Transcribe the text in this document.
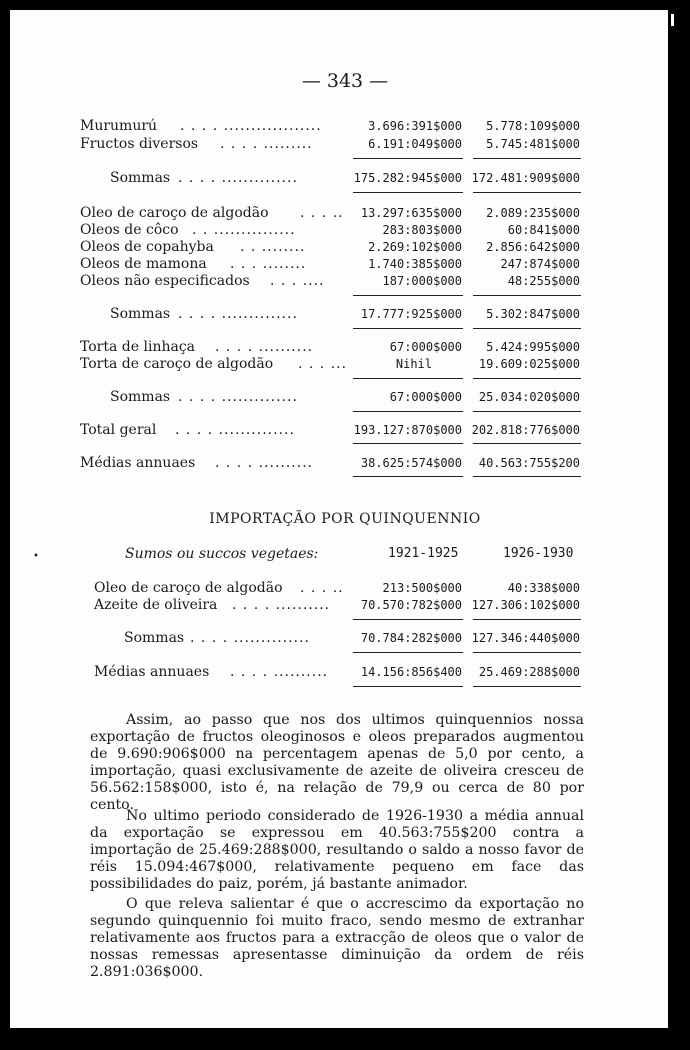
— 343 —
Murumurú . . . . ..................	3.696:391$000 5.778:109$000
Fructos diversos . . . . .........	6.191:049$000 5.745:481$000
Sommas . . . . ..............	175.282:945$000 172.481:909$000
Oleo de caroço de algodão . . . .. 13.297:635$000 2.089:235$000
Oleos de côco . . ...............	283:803$000	60:841$000
Oleos de copahyba . . ........	2.269:102$000 2.856:642$000
Oleos de mamona . . . ........	1.740:385$000	247:874$000
Oleos não especificados . . . ....	187:000$000	48:255$000
Sommas . . . . ..............	17.777:925$000 5.302:847$000
Torta de linhaça . . . . ..........	67:000$000 5.424:995$000
Torta de caroço de algodão . . . ...	Nihil	19.609:025$000
Sommas . . . . ..............	67:000$000 25.034:020$000
Total geral . . . . ..............	193.127:870$000 202.818:776$000
Médias annuaes . . . . ..........	38.625:574$000 40.563:755$200
IMPORTAÇÃO POR QUINQUENNIO
•	Sumos ou succos vegetaes:	1921-1925	1926-1930
Oleo de caroço de algodão . . . ..	213:500$000	40:338$000
Azeite de oliveira . . . . ..........	70.570:782$000 127.306:102$000
Sommas . . . . ..............	70.784:282$000 127.346:440$000
Médias annuaes . . . . ..........	14.156:856$400 25.469:288$000

Assim, ao passo que nos dos ultimos quinquennios nossa exportação de fructos oleoginosos e oleos preparados augmentou de 9.690:906$000 na percentagem apenas de 5,0 por cento, a importação, quasi exclusivamente de azeite de oliveira cresceu de 56.562:158$000, isto é, na relação de 79,9 ou cerca de 80 por cento.

No ultimo periodo considerado de 1926-1930 a média annual da exportação se expressou em 40.563:755$200 contra a importação de 25.469:288$000, resultando o saldo a nosso favor de réis 15.094:467$000, relativamente pequeno em face das possibilidades do paiz, porém, já bastante animador.

O que releva salientar é que o accrescimo da exportação no segundo quinquennio foi muito fraco, sendo mesmo de extranhar relativamente aos fructos para a extracção de oleos que o valor de nossas remessas apresentasse diminuição da ordem de réis 2.891:036$000.
